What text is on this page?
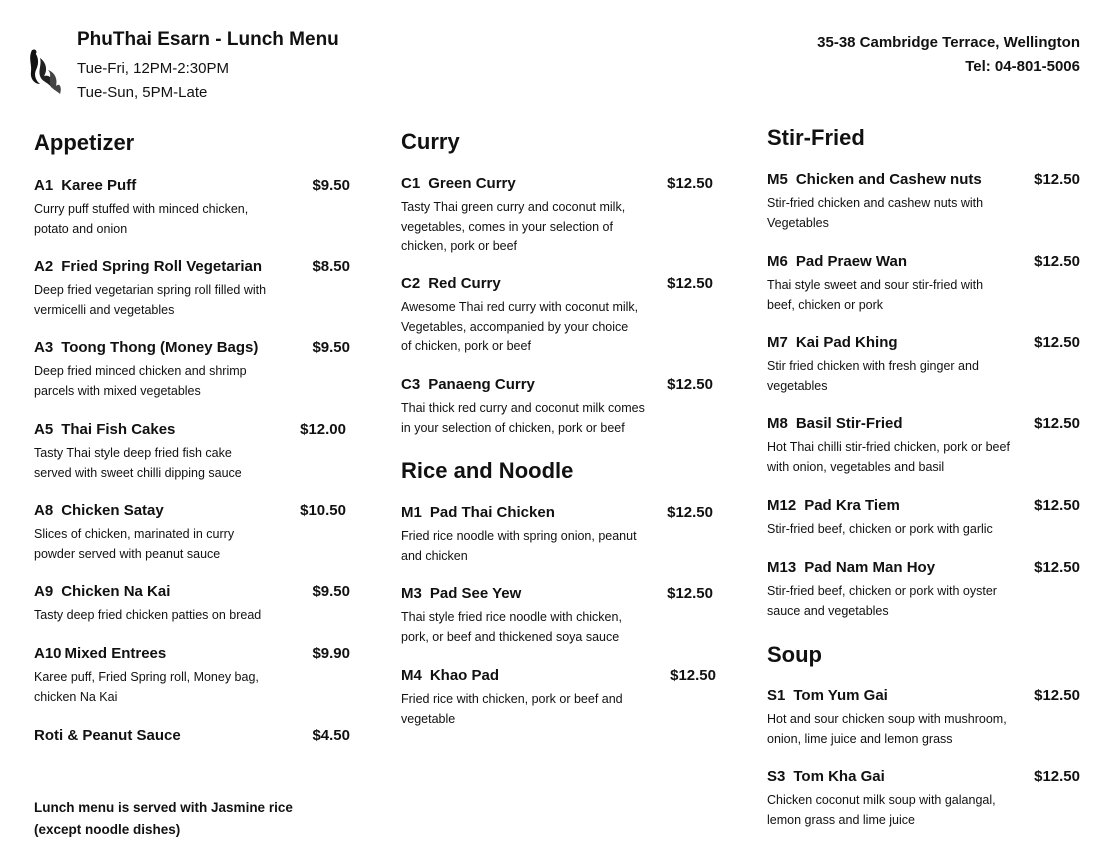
PhuThai Esarn - Lunch Menu
Tue-Fri, 12PM-2:30PM
Tue-Sun, 5PM-Late
35-38 Cambridge Terrace, Wellington
Tel: 04-801-5006
Appetizer
A1 Karee Puff	$9.50
Curry puff stuffed with minced chicken,
potato and onion
A2 Fried Spring Roll Vegetarian	$8.50
Deep fried vegetarian spring roll filled with
vermicelli and vegetables
A3 Toong Thong (Money Bags)	$9.50
Deep fried minced chicken and shrimp
parcels with mixed vegetables
A5 Thai Fish Cakes	$12.00
Tasty Thai style deep fried fish cake
served with sweet chilli dipping sauce
A8 Chicken Satay	$10.50
Slices of chicken, marinated in curry
powder served with peanut sauce
A9 Chicken Na Kai	$9.50
Tasty deep fried chicken patties on bread
A10 Mixed Entrees	$9.90
Karee puff, Fried Spring roll, Money bag,
chicken Na Kai
Roti & Peanut Sauce	$4.50
Lunch menu is served with Jasmine rice
(except noodle dishes)
Curry
C1 Green Curry	$12.50
Tasty Thai green curry and coconut milk,
vegetables, comes in your selection of
chicken, pork or beef
C2 Red Curry	$12.50
Awesome Thai red curry with coconut milk,
Vegetables, accompanied by your choice
of chicken, pork or beef
C3 Panaeng Curry	$12.50
Thai thick red curry and coconut milk comes
in your selection of chicken, pork or beef
Rice and Noodle
M1 Pad Thai Chicken	$12.50
Fried rice noodle with spring onion, peanut
and chicken
M3 Pad See Yew	$12.50
Thai style fried rice noodle with chicken,
pork, or beef and thickened soya sauce
M4 Khao Pad	$12.50
Fried rice with chicken, pork or beef and
vegetable
Stir-Fried
M5 Chicken and Cashew nuts	$12.50
Stir-fried chicken and cashew nuts with
Vegetables
M6 Pad Praew Wan	$12.50
Thai style sweet and sour stir-fried with
beef, chicken or pork
M7 Kai Pad Khing	$12.50
Stir fried chicken with fresh ginger and
vegetables
M8 Basil Stir-Fried	$12.50
Hot Thai chilli stir-fried chicken, pork or beef
with onion, vegetables and basil
M12 Pad Kra Tiem	$12.50
Stir-fried beef, chicken or pork with garlic
M13 Pad Nam Man Hoy	$12.50
Stir-fried beef, chicken or pork with oyster
sauce and vegetables
Soup
S1 Tom Yum Gai	$12.50
Hot and sour chicken soup with mushroom,
onion, lime juice and lemon grass
S3 Tom Kha Gai	$12.50
Chicken coconut milk soup with galangal,
lemon grass and lime juice
